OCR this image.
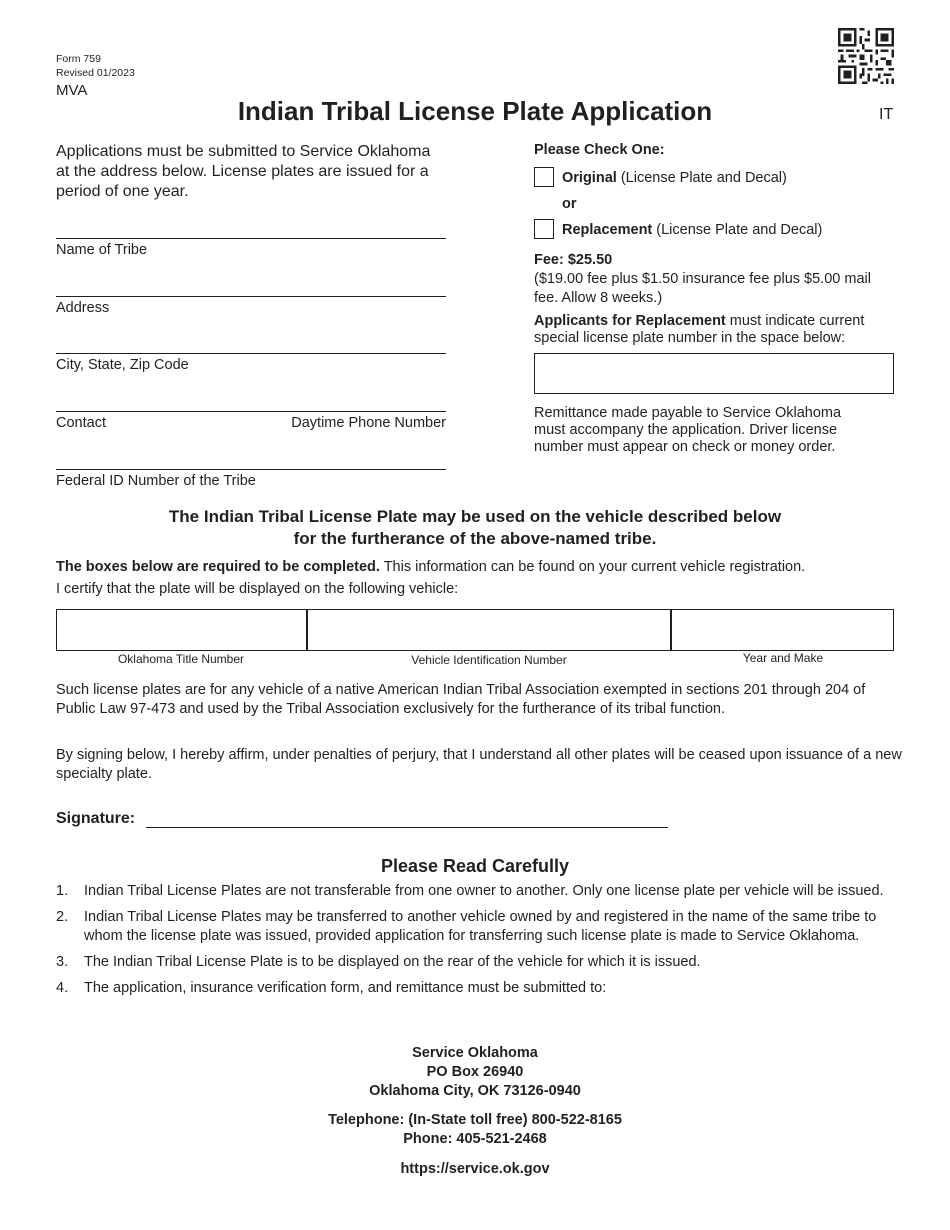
Form 759
Revised 01/2023
MVA
Indian Tribal License Plate Application	IT
Applications must be submitted to Service Oklahoma at the address below. License plates are issued for a period of one year.
Name of Tribe
Address
City, State, Zip Code
Contact	Daytime Phone Number
Federal ID Number of the Tribe
Please Check One:
Original (License Plate and Decal)
or
Replacement (License Plate and Decal)
Fee: $25.50
($19.00 fee plus $1.50 insurance fee plus $5.00 mail fee. Allow 8 weeks.)
Applicants for Replacement must indicate current special license plate number in the space below:
Remittance made payable to Service Oklahoma must accompany the application. Driver license number must appear on check or money order.
The Indian Tribal License Plate may be used on the vehicle described below
for the furtherance of the above-named tribe.
The boxes below are required to be completed. This information can be found on your current vehicle registration.
I certify that the plate will be displayed on the following vehicle:
Oklahoma Title Number	Vehicle Identification Number	Year and Make
Such license plates are for any vehicle of a native American Indian Tribal Association exempted in sections 201 through 204 of Public Law 97-473 and used by the Tribal Association exclusively for the furtherance of its tribal function.
By signing below, I hereby affirm, under penalties of perjury, that I understand all other plates will be ceased upon issuance of a new specialty plate.
Signature:
Please Read Carefully
1. Indian Tribal License Plates are not transferable from one owner to another. Only one license plate per vehicle will be issued.
2. Indian Tribal License Plates may be transferred to another vehicle owned by and registered in the name of the same tribe to whom the license plate was issued, provided application for transferring such license plate is made to Service Oklahoma.
3. The Indian Tribal License Plate is to be displayed on the rear of the vehicle for which it is issued.
4. The application, insurance verification form, and remittance must be submitted to:
Service Oklahoma
PO Box 26940
Oklahoma City, OK 73126-0940
Telephone: (In-State toll free) 800-522-8165
Phone: 405-521-2468
https://service.ok.gov
